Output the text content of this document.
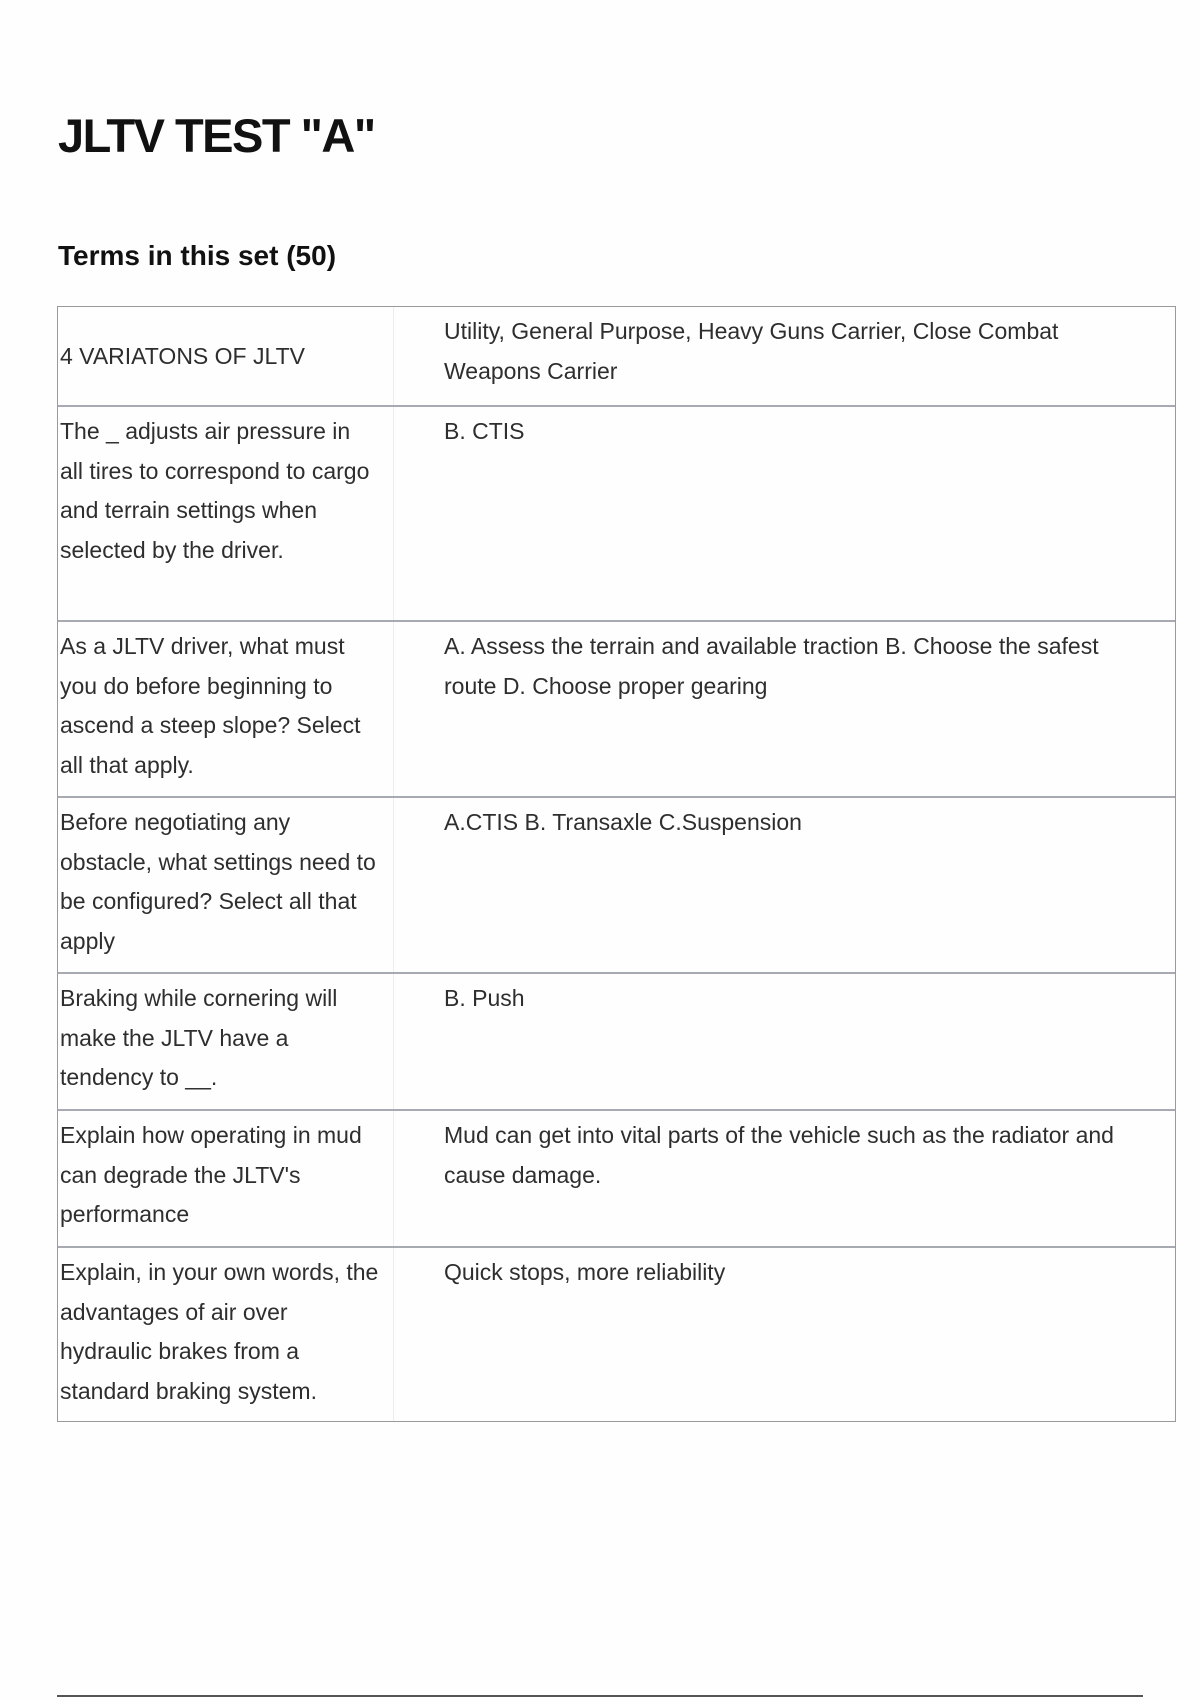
JLTV TEST "A"
Terms in this set ( 50 )
4 VARIATONS OF JLTV
Utility, General Purpose, Heavy Guns Carrier, Close Combat Weapons Carrier
The _ adjusts air pressure in all tires to correspond to cargo and terrain settings when selected by the driver.
B. CTIS
As a JLTV driver, what must you do before beginning to ascend a steep slope? Select all that apply.
A. Assess the terrain and available traction B. Choose the safest route D. Choose proper gearing
Before negotiating any obstacle, what settings need to be configured? Select all that apply
A.CTIS B. Transaxle C.Suspension
Braking while cornering will make the JLTV have a tendency to __.
B. Push
Explain how operating in mud can degrade the JLTV's performance
Mud can get into vital parts of the vehicle such as the radiator and cause damage.
Explain, in your own words, the advantages of air over hydraulic brakes from a standard braking system.
Quick stops, more reliability
